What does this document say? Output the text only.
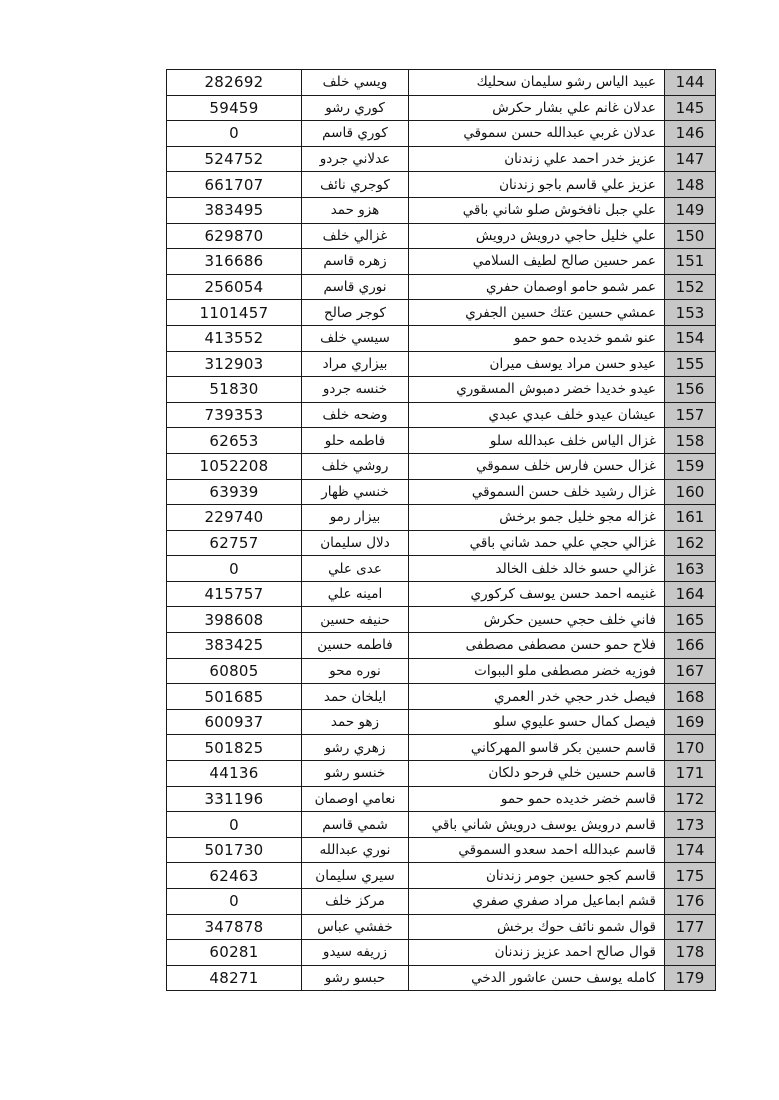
282692	ويسي خلف	عبيد الياس رشو سليمان سحليك	144
59459	كوري رشو	عدلان غانم علي بشار حكرش	145
0	كوري قاسم	عدلان غربي عبدالله حسن سموقي	146
524752	عدلاني جردو	عزيز خدر احمد علي زندنان	147
661707	كوجري نائف	عزيز علي قاسم باجو زندنان	148
383495	هزو حمد	علي جبل نافخوش صلو شاني باقي	149
629870	غزالي خلف	علي خليل حاجي درويش درويش	150
316686	زهره قاسم	عمر حسين صالح لطيف السلامي	151
256054	نوري قاسم	عمر شمو حامو اوصمان حفري	152
1101457	كوجر صالح	عمشي حسين عتك حسين الجفري	153
413552	سيسي خلف	عنو شمو خديده حمو حمو	154
312903	بيزاري مراد	عيدو حسن مراد يوسف ميران	155
51830	خنسه جردو	عيدو خديدا خضر دمبوش المسقوري	156
739353	وضحه خلف	عيشان عيدو خلف عبدي عبدي	157
62653	فاطمه حلو	غزال الياس خلف عبدالله سلو	158
1052208	روشي خلف	غزال حسن فارس خلف سموقي	159
63939	خنسي ظهار	غزال رشيد خلف حسن السموقي	160
229740	بيزار رمو	غزاله مجو خليل جمو برخش	161
62757	دلال سليمان	غزالي حجي علي حمد شاني باقي	162
0	عدى علي	غزالي حسو خالد خلف الخالد	163
415757	امينه علي	غنيمه احمد حسن يوسف كركوري	164
398608	حنيفه حسين	فاني خلف حجي حسين حكرش	165
383425	فاطمه حسين	فلاح حمو حسن مصطفى مصطفى	166
60805	نوره محو	فوزيه خضر مصطفى ملو الببوات	167
501685	ايلخان حمد	فيصل خدر حجي خدر العمري	168
600937	زهو حمد	فيصل كمال حسو عليوي سلو	169
501825	زهري رشو	قاسم حسين بكر قاسو المهركاني	170
44136	خنسو رشو	قاسم حسين خلي فرحو دلكان	171
331196	نعامي اوصمان	قاسم خضر خديده حمو حمو	172
0	شمي قاسم	قاسم درويش يوسف درويش شاني باقي	173
501730	نوري عبدالله	قاسم عبدالله احمد سعدو السموقي	174
62463	سيري سليمان	قاسم كجو حسين جومر زندنان	175
0	مركز خلف	قشم ابماعيل مراد صفري صفري	176
347878	خفشي عباس	قوال شمو نائف حوك برخش	177
60281	زريفه سيدو	قوال صالح احمد عزيز زندنان	178
48271	حبسو رشو	كامله يوسف حسن عاشور الدخي	179
